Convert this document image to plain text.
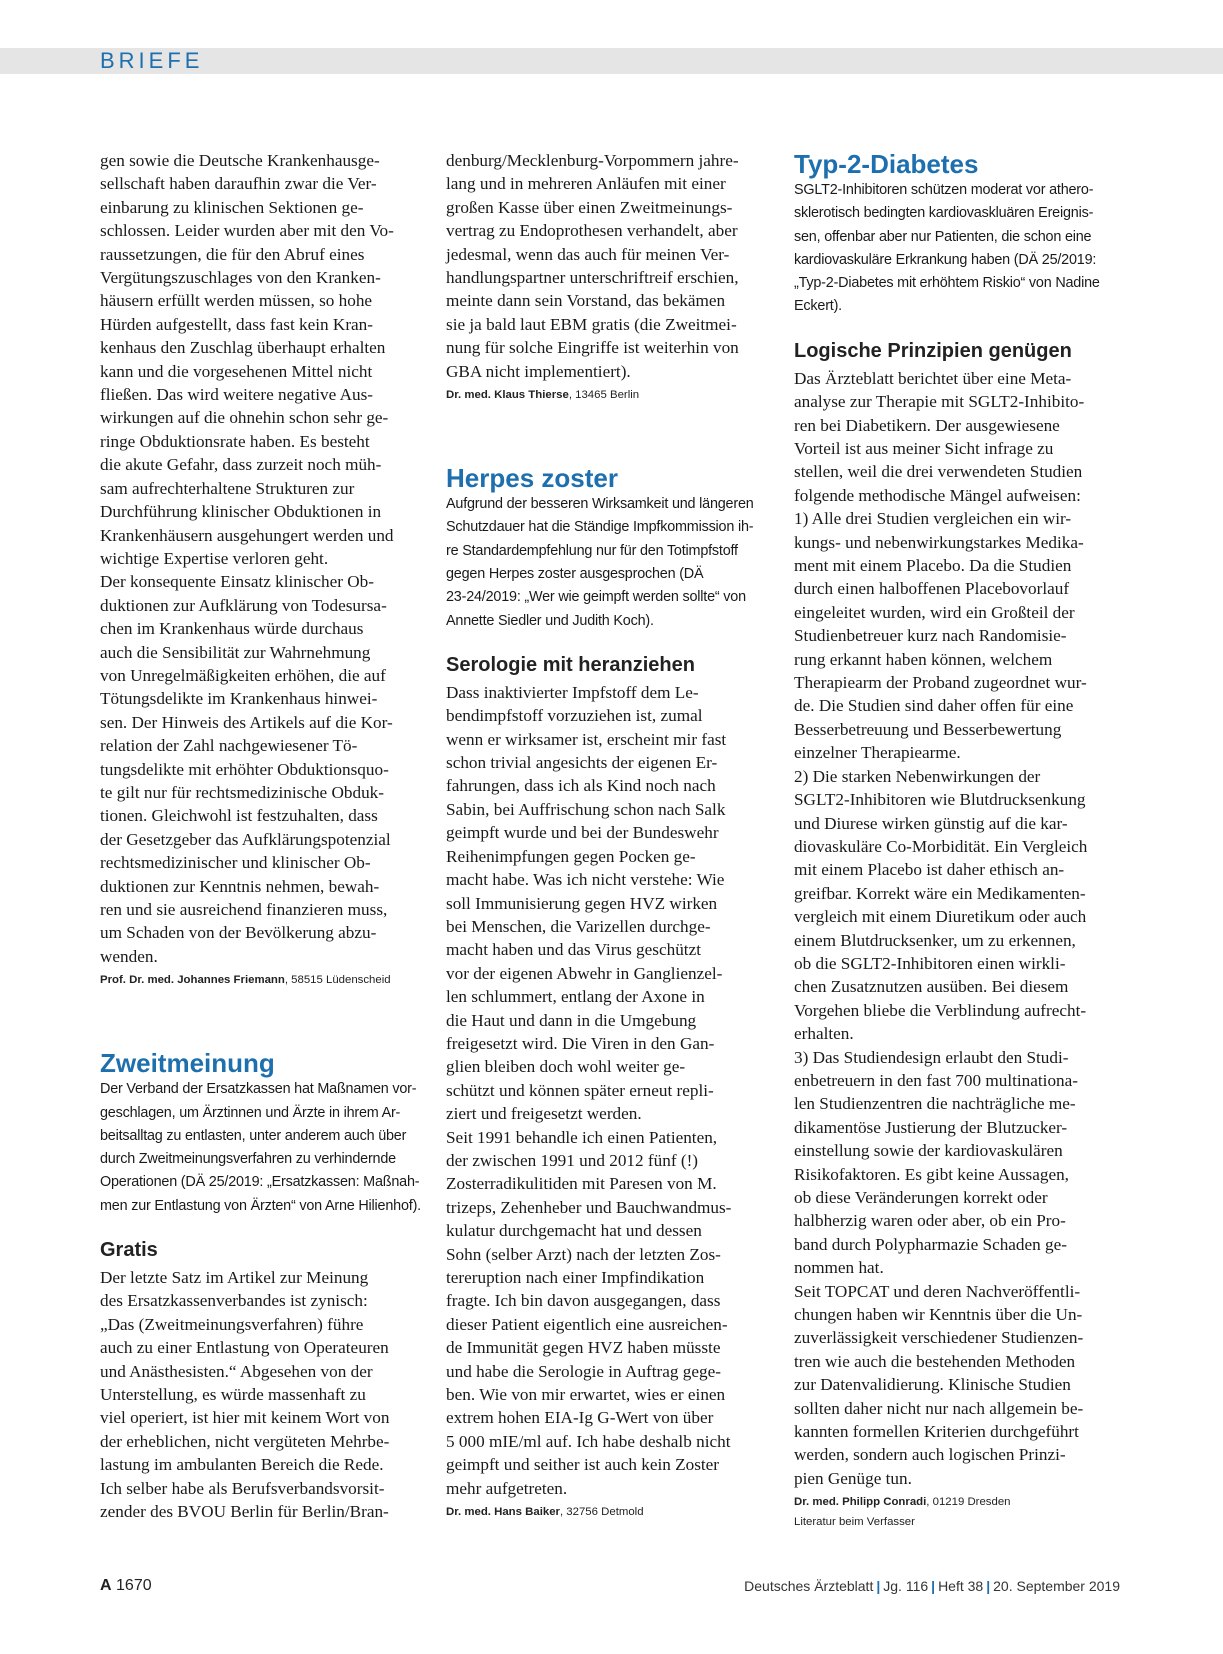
BRIEFE

gen sowie die Deutsche Krankenhausge-
sellschaft haben daraufhin zwar die Ver-
einbarung zu klinischen Sektionen ge-
schlossen. Leider wurden aber mit den Vo-
raussetzungen, die für den Abruf eines
Vergütungszuschlages von den Kranken-
häusern erfüllt werden müssen, so hohe
Hürden aufgestellt, dass fast kein Kran-
kenhaus den Zuschlag überhaupt erhalten
kann und die vorgesehenen Mittel nicht
fließen. Das wird weitere negative Aus-
wirkungen auf die ohnehin schon sehr ge-
ringe Obduktionsrate haben. Es besteht
die akute Gefahr, dass zurzeit noch müh-
sam aufrechterhaltene Strukturen zur
Durchführung klinischer Obduktionen in
Krankenhäusern ausgehungert werden und
wichtige Expertise verloren geht.
Der konsequente Einsatz klinischer Ob-
duktionen zur Aufklärung von Todesursa-
chen im Krankenhaus würde durchaus
auch die Sensibilität zur Wahrnehmung
von Unregelmäßigkeiten erhöhen, die auf
Tötungsdelikte im Krankenhaus hinwei-
sen. Der Hinweis des Artikels auf die Kor-
relation der Zahl nachgewiesener Tö-
tungsdelikte mit erhöhter Obduktionsquo-
te gilt nur für rechtsmedizinische Obduk-
tionen. Gleichwohl ist festzuhalten, dass
der Gesetzgeber das Aufklärungspotenzial
rechtsmedizinischer und klinischer Ob-
duktionen zur Kenntnis nehmen, bewah-
ren und sie ausreichend finanzieren muss,
um Schaden von der Bevölkerung abzu-
wenden.

Prof. Dr. med. Johannes Friemann, 58515 Lüdenscheid
Zweitmeinung

Der Verband der Ersatzkassen hat Maßnamen vor-
geschlagen, um Ärztinnen und Ärzte in ihrem Ar-
beitsalltag zu entlasten, unter anderem auch über
durch Zweitmeinungsverfahren zu verhindernde
Operationen (DÄ 25/2019: „Ersatzkassen: Maßnah-
men zur Entlastung von Ärzten“ von Arne Hilienhof).

Gratis

Der letzte Satz im Artikel zur Meinung
des Ersatzkassenverbandes ist zynisch:
„Das (Zweitmeinungsverfahren) führe
auch zu einer Entlastung von Operateuren
und Anästhesisten.“ Abgesehen von der
Unterstellung, es würde massenhaft zu
viel operiert, ist hier mit keinem Wort von
der erheblichen, nicht vergüteten Mehrbe-
lastung im ambulanten Bereich die Rede.
Ich selber habe als Berufsverbandsvorsit-
zender des BVOU Berlin für Berlin/Bran-

denburg/Mecklenburg-Vorpommern jahre-
lang und in mehreren Anläufen mit einer
großen Kasse über einen Zweitmeinungs-
vertrag zu Endoprothesen verhandelt, aber
jedesmal, wenn das auch für meinen Ver-
handlungspartner unterschriftreif erschien,
meinte dann sein Vorstand, das bekämen
sie ja bald laut EBM gratis (die Zweitmei-
nung für solche Eingriffe ist weiterhin von
GBA nicht implementiert).

Dr. med. Klaus Thierse, 13465 Berlin
Herpes zoster

Aufgrund der besseren Wirksamkeit und längeren
Schutzdauer hat die Ständige Impfkommission ih-
re Standardempfehlung nur für den Totimpfstoff
gegen Herpes zoster ausgesprochen (DÄ
23-24/2019: „Wer wie geimpft werden sollte“ von
Annette Siedler und Judith Koch).

Serologie mit heranziehen

Dass inaktivierter Impfstoff dem Le-
bendimpfstoff vorzuziehen ist, zumal
wenn er wirksamer ist, erscheint mir fast
schon trivial angesichts der eigenen Er-
fahrungen, dass ich als Kind noch nach
Sabin, bei Auffrischung schon nach Salk
geimpft wurde und bei der Bundeswehr
Reihenimpfungen gegen Pocken ge-
macht habe. Was ich nicht verstehe: Wie
soll Immunisierung gegen HVZ wirken
bei Menschen, die Varizellen durchge-
macht haben und das Virus geschützt
vor der eigenen Abwehr in Ganglienzel-
len schlummert, entlang der Axone in
die Haut und dann in die Umgebung
freigesetzt wird. Die Viren in den Gan-
glien bleiben doch wohl weiter ge-
schützt und können später erneut repli-
ziert und freigesetzt werden.
Seit 1991 behandle ich einen Patienten,
der zwischen 1991 und 2012 fünf (!)
Zosterradikulitiden mit Paresen von M.
trizeps, Zehenheber und Bauchwandmus-
kulatur durchgemacht hat und dessen
Sohn (selber Arzt) nach der letzten Zos-
tereruption nach einer Impfindikation
fragte. Ich bin davon ausgegangen, dass
dieser Patient eigentlich eine ausreichen-
de Immunität gegen HVZ haben müsste
und habe die Serologie in Auftrag gege-
ben. Wie von mir erwartet, wies er einen
extrem hohen EIA-Ig G-Wert von über
5 000 mIE/ml auf. Ich habe deshalb nicht
geimpft und seither ist auch kein Zoster
mehr aufgetreten.

Dr. med. Hans Baiker, 32756 Detmold
Typ-2-Diabetes

SGLT2-Inhibitoren schützen moderat vor athero-
sklerotisch bedingten kardiovaskluären Ereignis-
sen, offenbar aber nur Patienten, die schon eine
kardiovaskuläre Erkrankung haben (DÄ 25/2019:
„Typ-2-Diabetes mit erhöhtem Riskio“ von Nadine
Eckert).

Logische Prinzipien genügen

Das Ärzteblatt berichtet über eine Meta-
analyse zur Therapie mit SGLT2-Inhibito-
ren bei Diabetikern. Der ausgewiesene
Vorteil ist aus meiner Sicht infrage zu
stellen, weil die drei verwendeten Studien
folgende methodische Mängel aufweisen:
1) Alle drei Studien vergleichen ein wir-
kungs- und nebenwirkungstarkes Medika-
ment mit einem Placebo. Da die Studien
durch einen halboffenen Placebovorlauf
eingeleitet wurden, wird ein Großteil der
Studienbetreuer kurz nach Randomisie-
rung erkannt haben können, welchem
Therapiearm der Proband zugeordnet wur-
de. Die Studien sind daher offen für eine
Besserbetreuung und Besserbewertung
einzelner Therapiearme.
2) Die starken Nebenwirkungen der
SGLT2-Inhibitoren wie Blutdrucksenkung
und Diurese wirken günstig auf die kar-
diovaskuläre Co-Morbidität. Ein Vergleich
mit einem Placebo ist daher ethisch an-
greifbar. Korrekt wäre ein Medikamenten-
vergleich mit einem Diuretikum oder auch
einem Blutdrucksenker, um zu erkennen,
ob die SGLT2-Inhibitoren einen wirkli-
chen Zusatznutzen ausüben. Bei diesem
Vorgehen bliebe die Verblindung aufrecht-
erhalten.
3) Das Studiendesign erlaubt den Studi-
enbetreuern in den fast 700 multinationa-
len Studienzentren die nachträgliche me-
dikamentöse Justierung der Blutzucker-
einstellung sowie der kardiovaskulären
Risikofaktoren. Es gibt keine Aussagen,
ob diese Veränderungen korrekt oder
halbherzig waren oder aber, ob ein Pro-
band durch Polypharmazie Schaden ge-
nommen hat.
Seit TOPCAT und deren Nachveröffentli-
chungen haben wir Kenntnis über die Un-
zuverlässigkeit verschiedener Studienzen-
tren wie auch die bestehenden Methoden
zur Datenvalidierung. Klinische Studien
sollten daher nicht nur nach allgemein be-
kannten formellen Kriterien durchgeführt
werden, sondern auch logischen Prinzi-
pien Genüge tun.

Dr. med. Philipp Conradi, 01219 Dresden
Literatur beim Verfasser
A 1670	Deutsches Ärzteblatt | Jg. 116 | Heft 38 | 20. September 2019
